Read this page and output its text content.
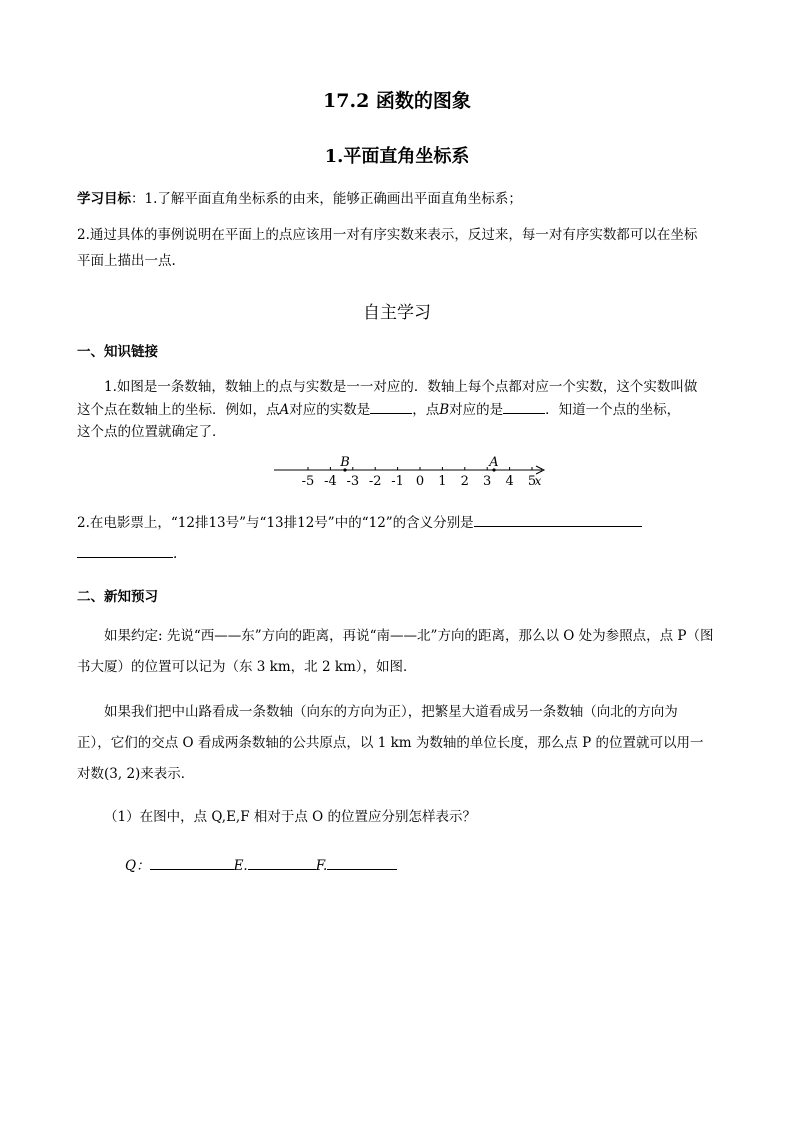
17.2 函数的图象
1.平面直角坐标系
学习目标：1.了解平面直角坐标系的由来，能够正确画出平面直角坐标系；
2.通过具体的事例说明在平面上的点应该用一对有序实数来表示，反过来，每一对有序实数都可以在坐标
平面上描出一点.
自主学习
一、知识链接
1.如图是一条数轴，数轴上的点与实数是一一对应的．数轴上每个点都对应一个实数，这个实数叫做
这个点在数轴上的坐标．例如，点A对应的实数是	，点B对应的是	．知道一个点的坐标，
这个点的位置就确定了．
-5 -4 -3 -2 -1 0 1 2 3 4 5
B	A
x
2.在电影票上，“12排13号”与“13排12号”中的“12”的含义分别是
.
二、新知预习
如果约定: 先说“西——东”方向的距离，再说“南——北”方向的距离，那么以 O 处为参照点，点 P（图
书大厦）的位置可以记为（东 3 km，北 2 km），如图．
如果我们把中山路看成一条数轴（向东的方向为正），把繁星大道看成另一条数轴（向北的方向为
正），它们的交点 O 看成两条数轴的公共原点，以 1 km 为数轴的单位长度，那么点 P 的位置就可以用一
对数(3, 2)来表示．
（1）在图中，点 Q,E,F 相对于点 O 的位置应分别怎样表示？
Q：	E.	F.
